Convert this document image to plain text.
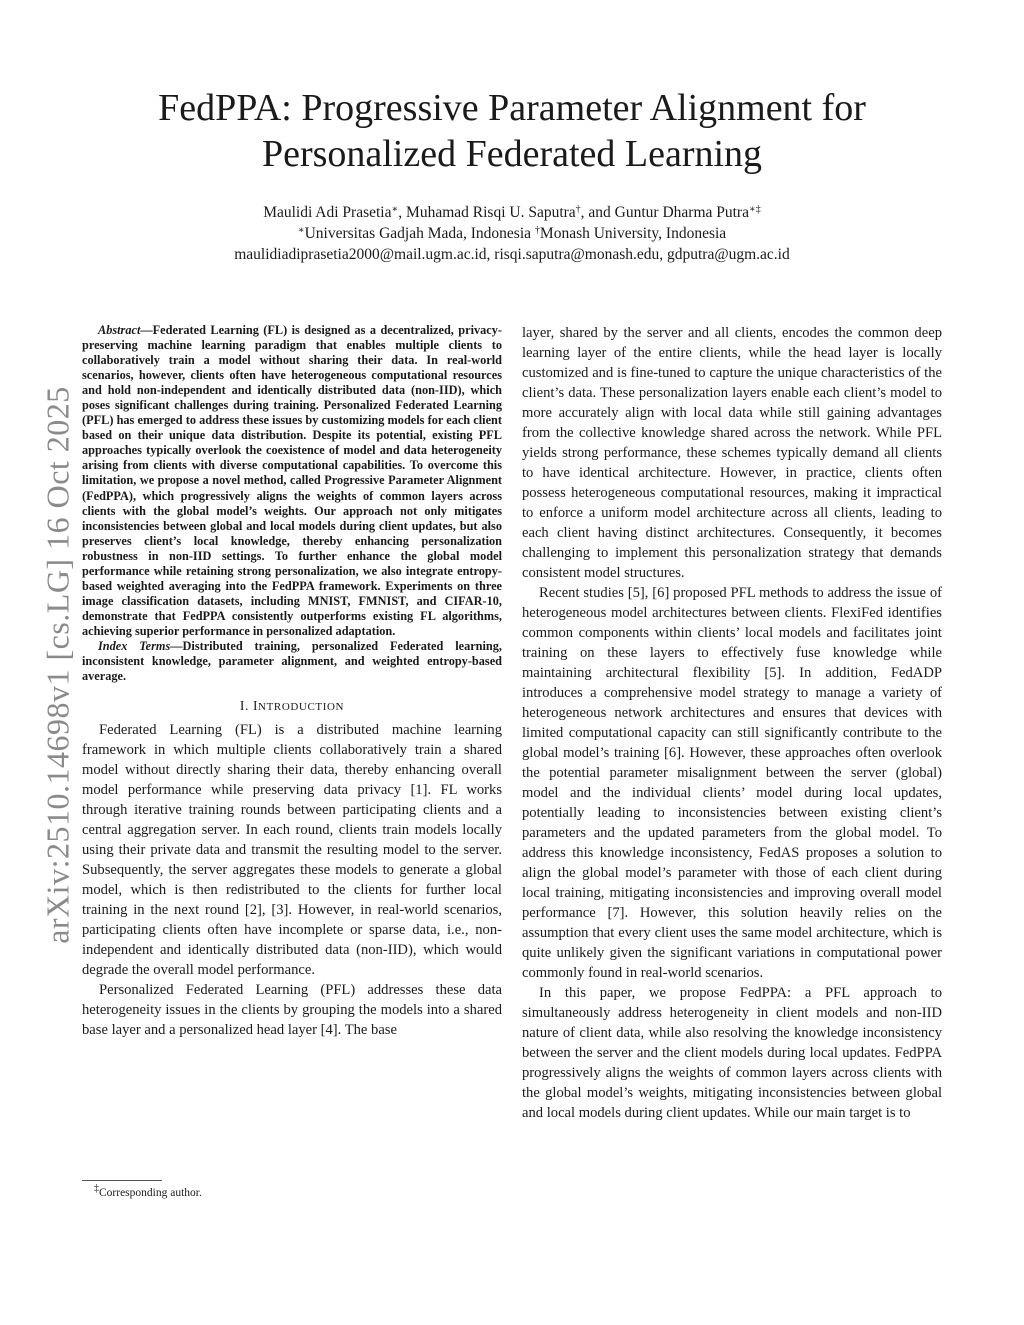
arXiv:2510.14698v1 [cs.LG] 16 Oct 2025
FedPPA: Progressive Parameter Alignment for
Personalized Federated Learning
Maulidi Adi Prasetia∗, Muhamad Risqi U. Saputra†, and Guntur Dharma Putra∗‡
∗Universitas Gadjah Mada, Indonesia †Monash University, Indonesia
maulidiadiprasetia2000@mail.ugm.ac.id, risqi.saputra@monash.edu, gdputra@ugm.ac.id

Abstract—Federated Learning (FL) is designed as a decentralized, privacy-preserving machine learning paradigm that enables multiple clients to collaboratively train a model without sharing their data. In real-world scenarios, however, clients often have heterogeneous computational resources and hold non-independent and identically distributed data (non-IID), which poses significant challenges during training. Personalized Federated Learning (PFL) has emerged to address these issues by customizing models for each client based on their unique data distribution. Despite its potential, existing PFL approaches typically overlook the coexistence of model and data heterogeneity arising from clients with diverse computational capabilities. To overcome this limitation, we propose a novel method, called Progressive Parameter Alignment (FedPPA), which progressively aligns the weights of common layers across clients with the global model’s weights. Our approach not only mitigates inconsistencies between global and local models during client updates, but also preserves client’s local knowledge, thereby enhancing personalization robustness in non-IID settings. To further enhance the global model performance while retaining strong personalization, we also integrate entropy-based weighted averaging into the FedPPA framework. Experiments on three image classification datasets, including MNIST, FMNIST, and CIFAR-10, demonstrate that FedPPA consistently outperforms existing FL algorithms, achieving superior performance in personalized adaptation.

Index Terms—Distributed training, personalized Federated learning, inconsistent knowledge, parameter alignment, and weighted entropy-based average.

I. INTRODUCTION

Federated Learning (FL) is a distributed machine learning framework in which multiple clients collaboratively train a shared model without directly sharing their data, thereby enhancing overall model performance while preserving data privacy [1]. FL works through iterative training rounds between participating clients and a central aggregation server. In each round, clients train models locally using their private data and transmit the resulting model to the server. Subsequently, the server aggregates these models to generate a global model, which is then redistributed to the clients for further local training in the next round [2], [3]. However, in real-world scenarios, participating clients often have incomplete or sparse data, i.e., non-independent and identically distributed data (non-IID), which would degrade the overall model performance.

Personalized Federated Learning (PFL) addresses these data heterogeneity issues in the clients by grouping the models into a shared base layer and a personalized head layer [4]. The base

layer, shared by the server and all clients, encodes the common deep learning layer of the entire clients, while the head layer is locally customized and is fine-tuned to capture the unique characteristics of the client’s data. These personalization layers enable each client’s model to more accurately align with local data while still gaining advantages from the collective knowledge shared across the network. While PFL yields strong performance, these schemes typically demand all clients to have identical architecture. However, in practice, clients often possess heterogeneous computational resources, making it impractical to enforce a uniform model architecture across all clients, leading to each client having distinct architectures. Consequently, it becomes challenging to implement this personalization strategy that demands consistent model structures.

Recent studies [5], [6] proposed PFL methods to address the issue of heterogeneous model architectures between clients. FlexiFed identifies common components within clients’ local models and facilitates joint training on these layers to effectively fuse knowledge while maintaining architectural flexibility [5]. In addition, FedADP introduces a comprehensive model strategy to manage a variety of heterogeneous network architectures and ensures that devices with limited computational capacity can still significantly contribute to the global model’s training [6]. However, these approaches often overlook the potential parameter misalignment between the server (global) model and the individual clients’ model during local updates, potentially leading to inconsistencies between existing client’s parameters and the updated parameters from the global model. To address this knowledge inconsistency, FedAS proposes a solution to align the global model’s parameter with those of each client during local training, mitigating inconsistencies and improving overall model performance [7]. However, this solution heavily relies on the assumption that every client uses the same model architecture, which is quite unlikely given the significant variations in computational power commonly found in real-world scenarios.

In this paper, we propose FedPPA: a PFL approach to simultaneously address heterogeneity in client models and non-IID nature of client data, while also resolving the knowledge inconsistency between the server and the client models during local updates. FedPPA progressively aligns the weights of common layers across clients with the global model’s weights, mitigating inconsistencies between global and local models during client updates. While our main target is to

‡Corresponding author.
